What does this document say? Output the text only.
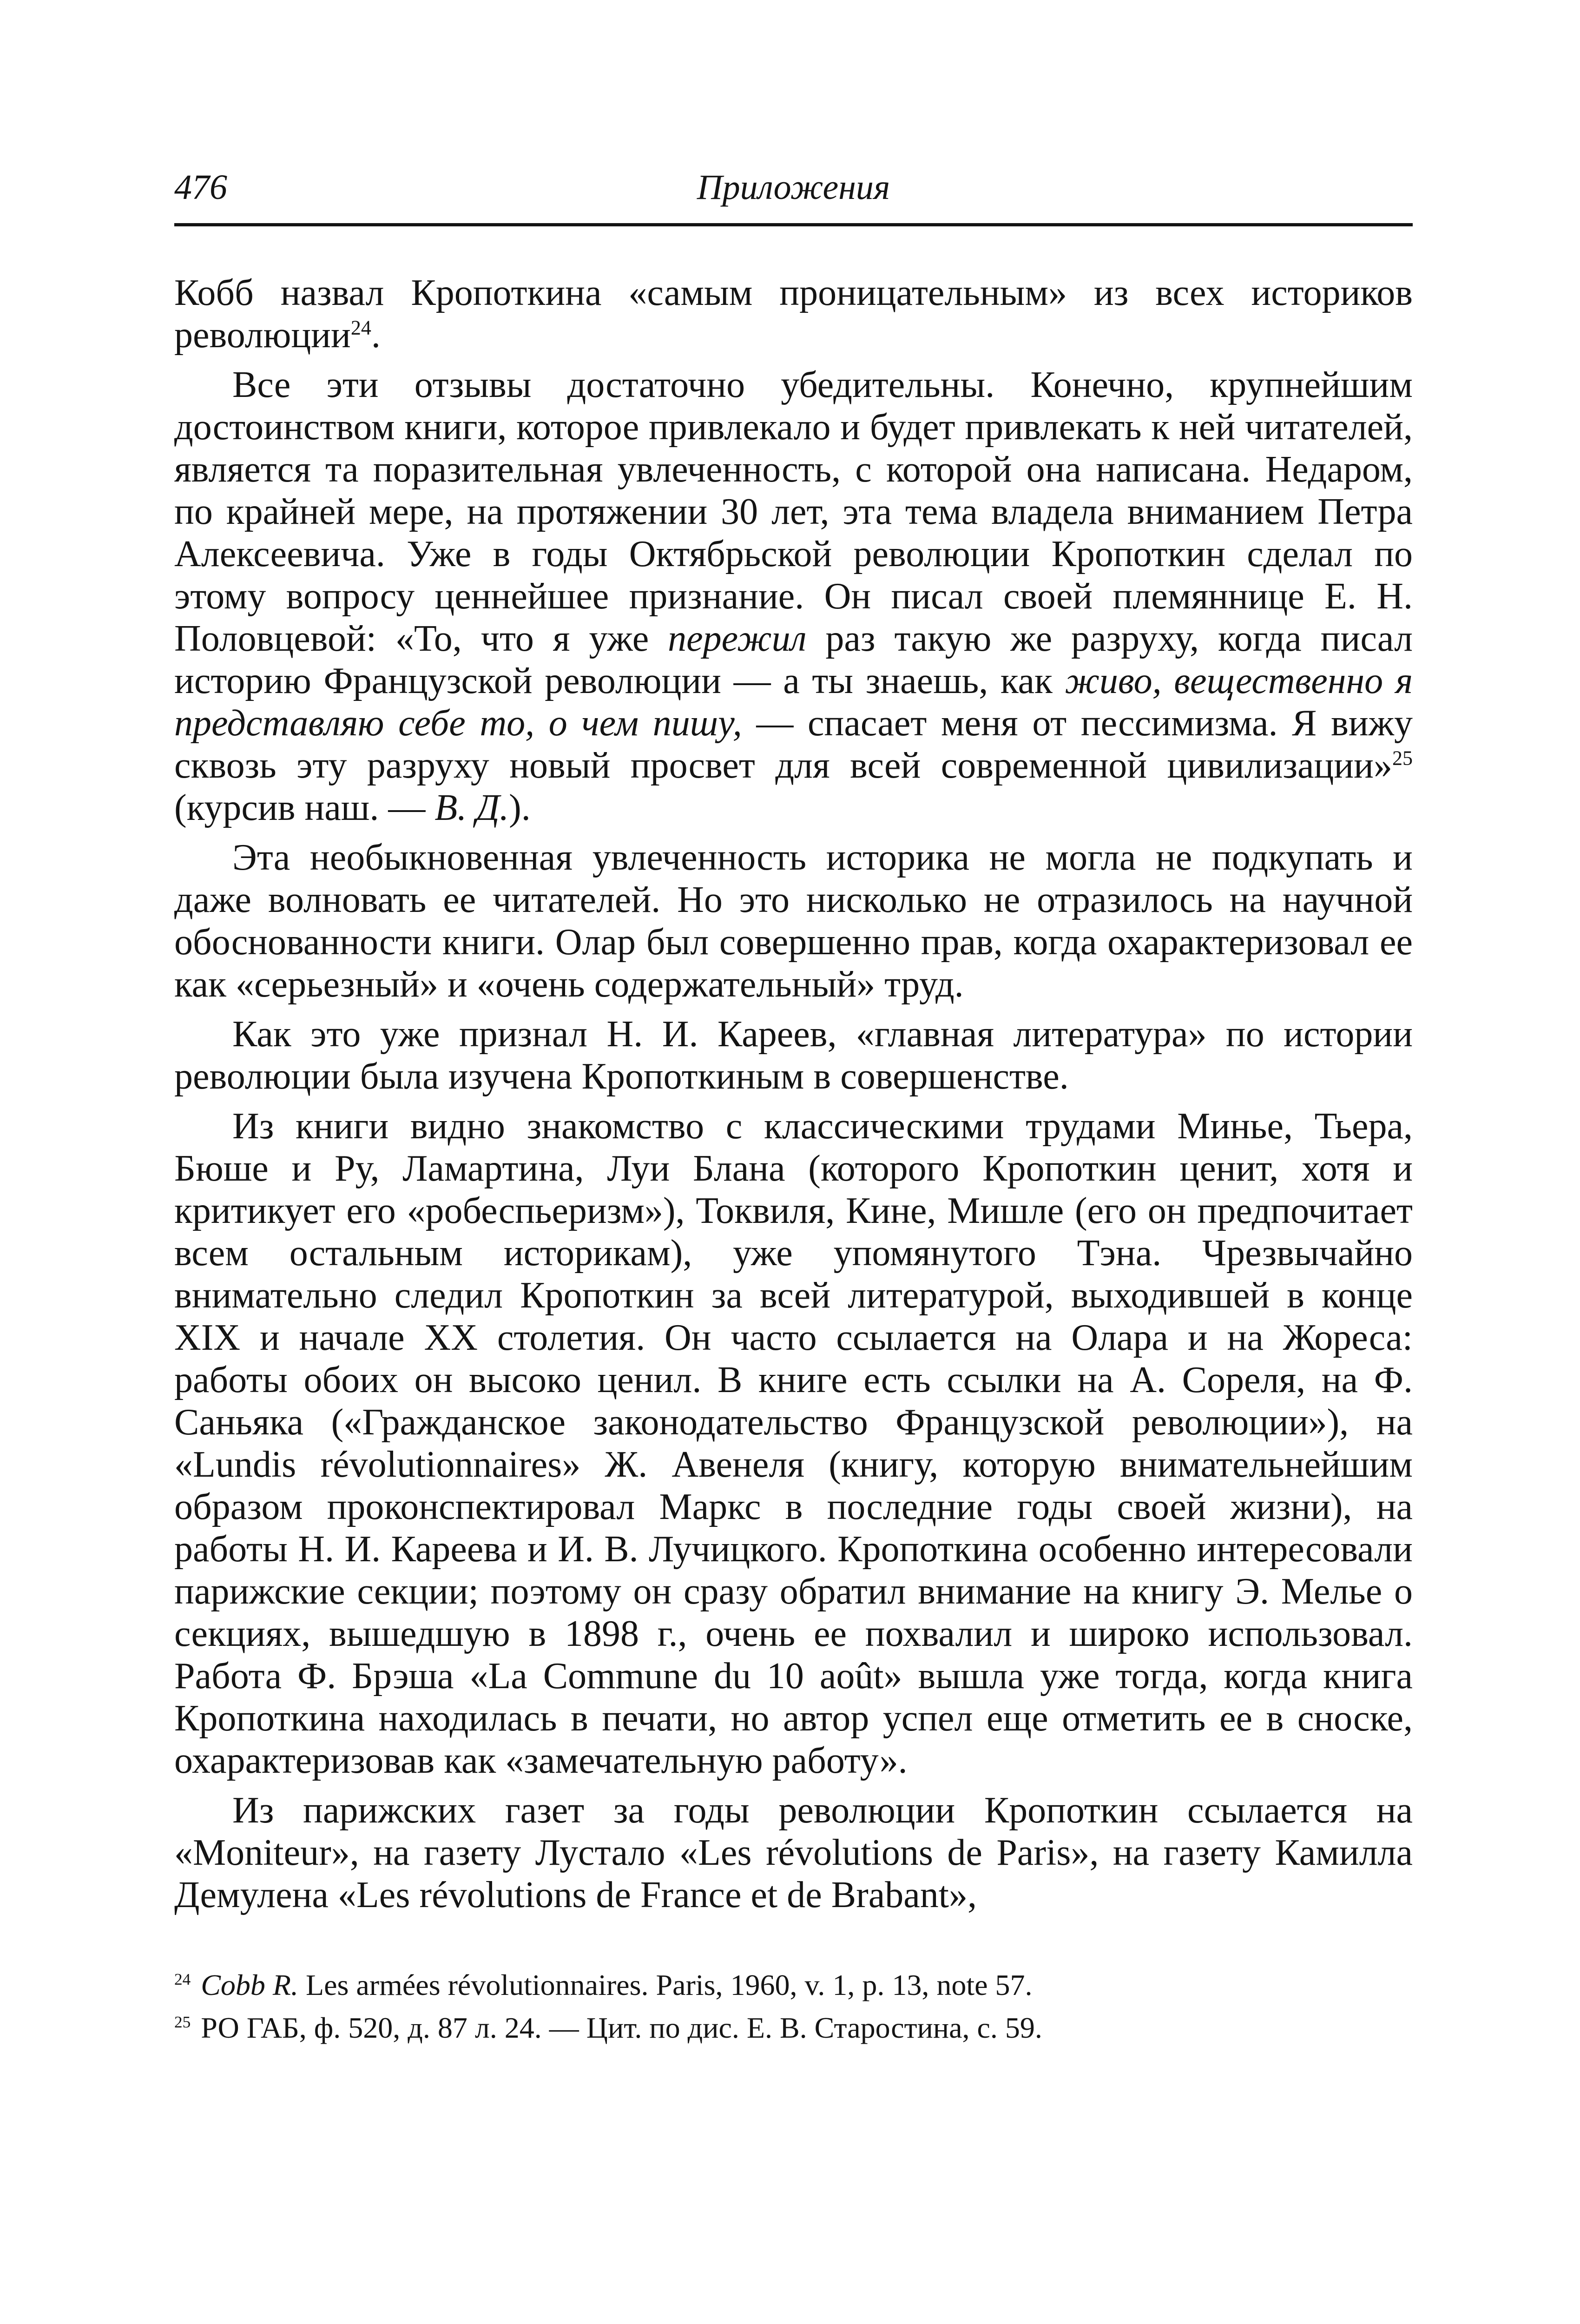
476	Приложения

Кобб назвал Кропоткина «самым проницательным» из всех историков революции$^{24}$.

Все эти отзывы достаточно убедительны. Конечно, крупнейшим достоинством книги, которое привлекало и будет привлекать к ней читателей, является та поразительная увлеченность, с которой она написана. Недаром, по крайней мере, на протяжении 30 лет, эта тема владела вниманием Петра Алексеевича. Уже в годы Октябрьской революции Кропоткин сделал по этому вопросу ценнейшее признание. Он писал своей племяннице Е. Н. Половцевой: «То, что я уже пережил раз такую же разруху, когда писал историю Французской революции — а ты знаешь, как живо, вещественно я представляю себе то, о чем пишу, — спасает меня от пессимизма. Я вижу сквозь эту разруху новый просвет для всей современной цивилизации»$^{25}$ (курсив наш. — В. Д.).

Эта необыкновенная увлеченность историка не могла не подкупать и даже волновать ее читателей. Но это нисколько не отразилось на научной обоснованности книги. Олар был совершенно прав, когда охарактеризовал ее как «серьезный» и «очень содержательный» труд.

Как это уже признал Н. И. Кареев, «главная литература» по истории революции была изучена Кропоткиным в совершенстве.

Из книги видно знакомство с классическими трудами Минье, Тьера, Бюше и Ру, Ламартина, Луи Блана (которого Кропоткин ценит, хотя и критикует его «робеспьеризм»), Токвиля, Кине, Мишле (его он предпочитает всем остальным историкам), уже упомянутого Тэна. Чрезвычайно внимательно следил Кропоткин за всей литературой, выходившей в конце XIX и начале XX столетия. Он часто ссылается на Олара и на Жореса: работы обоих он высоко ценил. В книге есть ссылки на А. Сореля, на Ф. Саньяка («Гражданское законодательство Французской революции»), на «Lundis révolutionnaires» Ж. Авенеля (книгу, которую внимательнейшим образом проконспектировал Маркс в последние годы своей жизни), на работы Н. И. Кареева и И. В. Лучицкого. Кропоткина особенно интересовали парижские секции; поэтому он сразу обратил внимание на книгу Э. Мелье о секциях, вышедшую в 1898 г., очень ее похвалил и широко использовал. Работа Ф. Брэша «La Commune du 10 août» вышла уже тогда, когда книга Кропоткина находилась в печати, но автор успел еще отметить ее в сноске, охарактеризовав как «замечательную работу».

Из парижских газет за годы революции Кропоткин ссылается на «Moniteur», на газету Лустало «Les révolutions de Paris», на газету Камилла Демулена «Les révolutions de France et de Brabant»,

$^{24}$ Cobb R. Les armées révolutionnaires. Paris, 1960, v. 1, p. 13, note 57.
$^{25}$ РО ГАБ, ф. 520, д. 87 л. 24. — Цит. по дис. Е. В. Старостина, с. 59.
